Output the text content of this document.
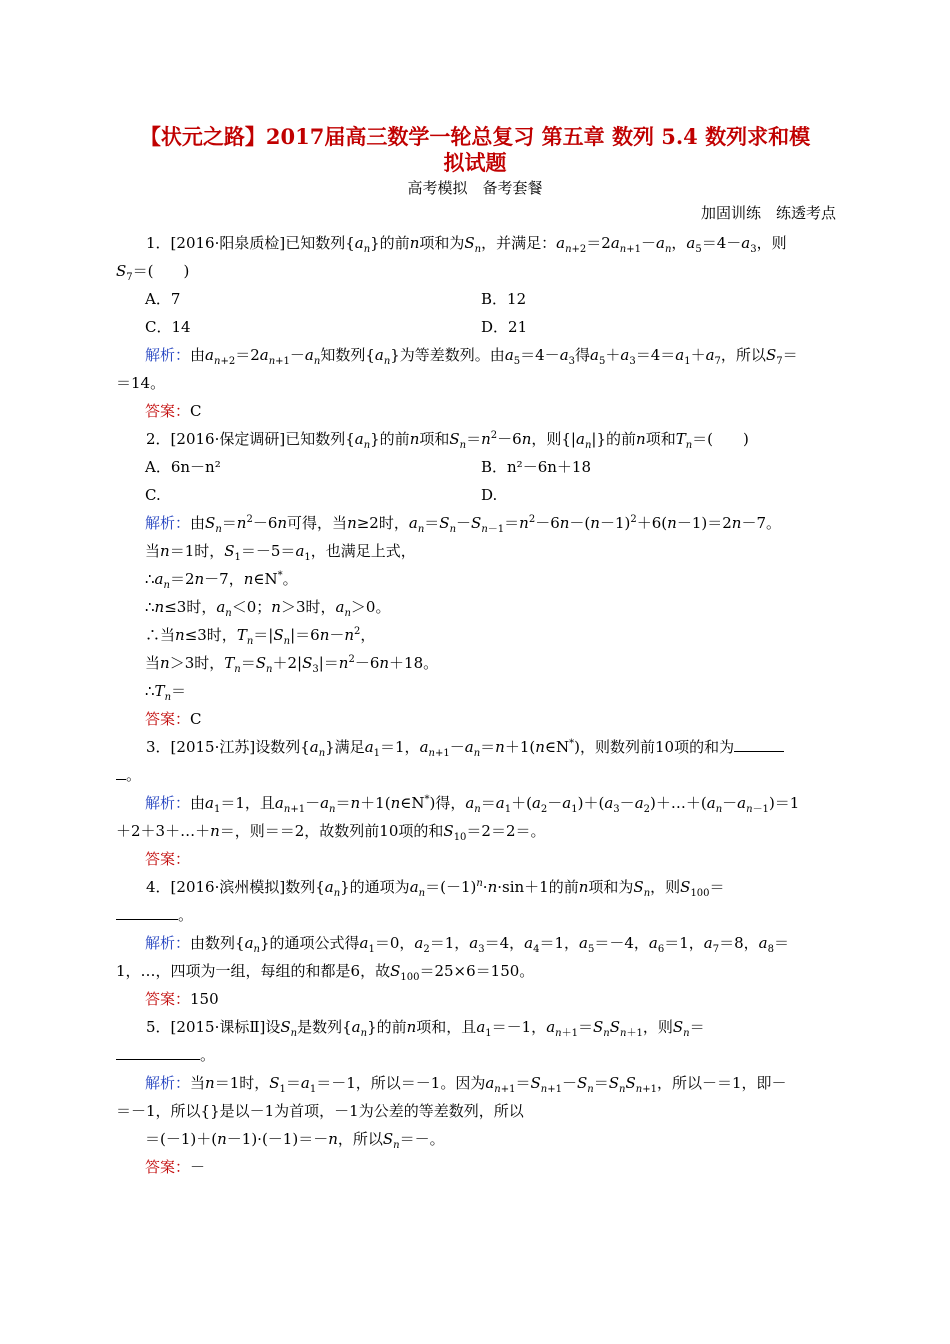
【状元之路】2017届高三数学一轮总复习 第五章 数列 5.4 数列求和模
拟试题
高考模拟　备考套餐
加固训练　练透考点
　　1．[2016·阳泉质检]已知数列$\{a_n\}$的前n项和为$S_n$，并满足：$a_{n+2}=2a_{n+1}-a_n$，$a_5=4-a_3$，则
$S_7=$(　　)
A．7	B．12
C．14	D．21
解析：由$a_{n+2}=2a_{n+1}-a_n$知数列$\{a_n\}$为等差数列。由$a_5=4-a_3$得$a_5+a_3=4=a_1+a_7$，所以$S_7=$
＝14。
答案：C
　　2．[2016·保定调研]已知数列$\{a_n\}$的前n项和$S_n=n^2-6n$，则$\{|a_n|\}$的前n项和$T_n=$(　　)
A．6n－n²	B．n²－6n＋18
C.	D.
解析：由$S_n=n^2-6n$可得，当n≥2时，$a_n=S_n-S_{n-1}=n^2-6n-(n-1)^2+6(n-1)=2n-7$。
当n＝1时，$S_1=-5=a_1$，也满足上式，
$\therefore a_n=2n-7$，n∈N*。
∴n≤3时，$a_n<0$；n＞3时，$a_n>0$。
∴当n≤3时，$T_n=|S_n|=6n-n^2$，
当n＞3时，$T_n=S_n+2|S_3|=n^2-6n+18$。
$\therefore T_n=$
答案：C
　　3．[2015·江苏]设数列$\{a_n\}$满足$a_1=1$，$a_{n+1}-a_n=n+1(n\in N^*)$，则数列前10项的和为
。
解析：由$a_1=1$，且$a_{n+1}-a_n=n+1(n\in N^*)$得，$a_n=a_1+(a_2-a_1)+(a_3-a_2)+\dots+(a_n-a_{n-1})=1$
＋2＋3＋…＋n＝，则＝＝2，故数列前10项的和$S_{10}=2=2=$。
答案：
　　4．[2016·滨州模拟]数列$\{a_n\}$的通项为$a_n=(-1)^n\cdot n\cdot\sin+1$的前n项和为$S_n$，则$S_{100}=$
。
解析：由数列$\{a_n\}$的通项公式得$a_1=0$，$a_2=1$，$a_3=4$，$a_4=1$，$a_5=-4$，$a_6=1$，$a_7=8$，$a_8=$
1，…，四项为一组，每组的和都是6，故$S_{100}=25\times 6=150$。
答案：150
　　5．[2015·课标Ⅱ]设$S_n$是数列$\{a_n\}$的前n项和，且$a_1=-1$，$a_{n+1}=S_nS_{n+1}$，则$S_n=$
。
解析：当n＝1时，$S_1=a_1=-1$，所以＝－1。因为$a_{n+1}=S_{n+1}-S_n=S_nS_{n+1}$，所以－＝1，即－
＝－1，所以{}是以－1为首项，－1为公差的等差数列，所以
＝(－1)＋(n－1)·(－1)＝－n，所以$S_n=-$。
答案：－
